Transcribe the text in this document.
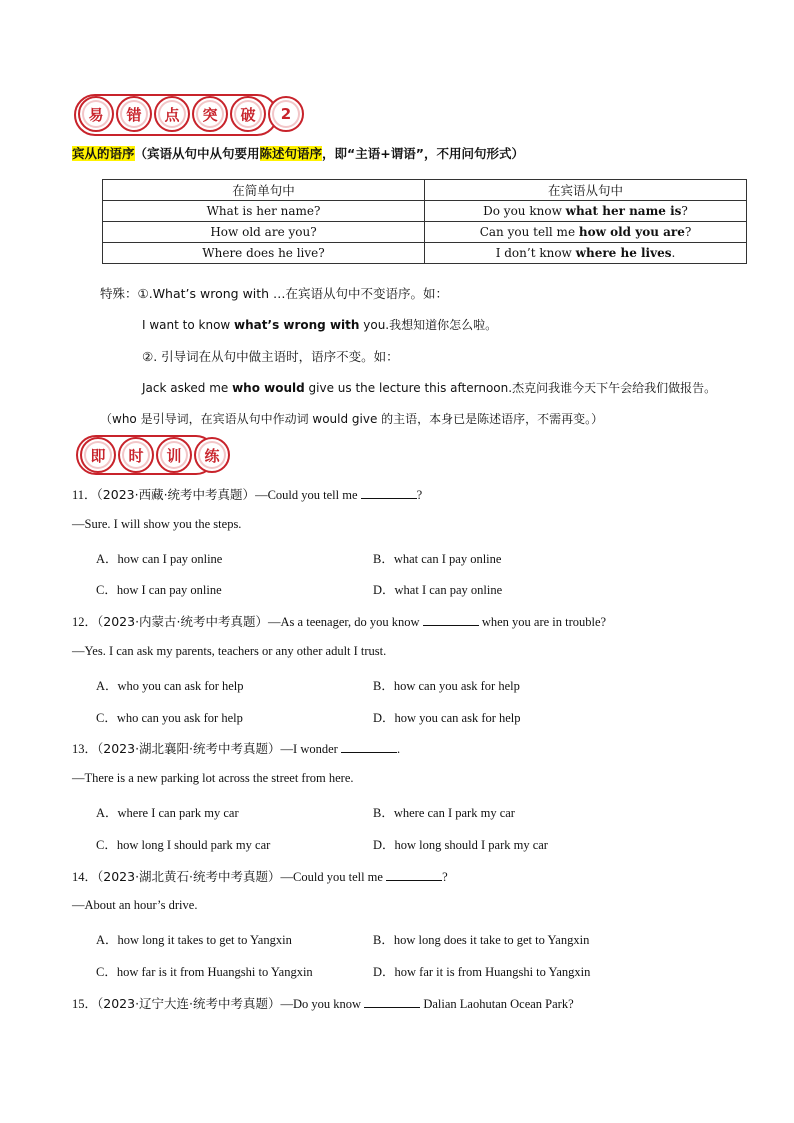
易	错	点	突	破	2
宾从的语序（宾语从句中从句要用陈述句语序，即“主语+谓语”，不用问句形式）
在简单句中	在宾语从句中
What is her name?	Do you know what her name is?
How old are you?	Can you tell me how old you are?
Where does he live?	I don’t know where he lives.
特殊：①.What’s wrong with …在宾语从句中不变语序。如：
I want to know what’s wrong with you.我想知道你怎么啦。
②. 引导词在从句中做主语时，语序不变。如：
Jack asked me who would give us the lecture this afternoon.杰克问我谁今天下午会给我们做报告。
（who 是引导词，在宾语从句中作动词 would give 的主语，本身已是陈述语序，不需再变。）
即	时	训	练
11．（2023·西藏·统考中考真题）—Could you tell me	?
—Sure. I will show you the steps.
A．how can I pay online	B．what can I pay online
C．how I can pay online	D．what I can pay online
12．（2023·内蒙古·统考中考真题）—As a teenager, do you know	when you are in trouble?
—Yes. I can ask my parents, teachers or any other adult I trust.
A．who you can ask for help	B．how can you ask for help
C．who can you ask for help	D．how you can ask for help
13．（2023·湖北襄阳·统考中考真题）—I wonder	.
—There is a new parking lot across the street from here.
A．where I can park my car	B．where can I park my car
C．how long I should park my car	D．how long should I park my car
14．（2023·湖北黄石·统考中考真题）—Could you tell me	?
—About an hour’s drive.
A．how long it takes to get to Yangxin	B．how long does it take to get to Yangxin
C．how far is it from Huangshi to Yangxin	D．how far it is from Huangshi to Yangxin
15．（2023·辽宁大连·统考中考真题）—Do you know	Dalian Laohutan Ocean Park?
